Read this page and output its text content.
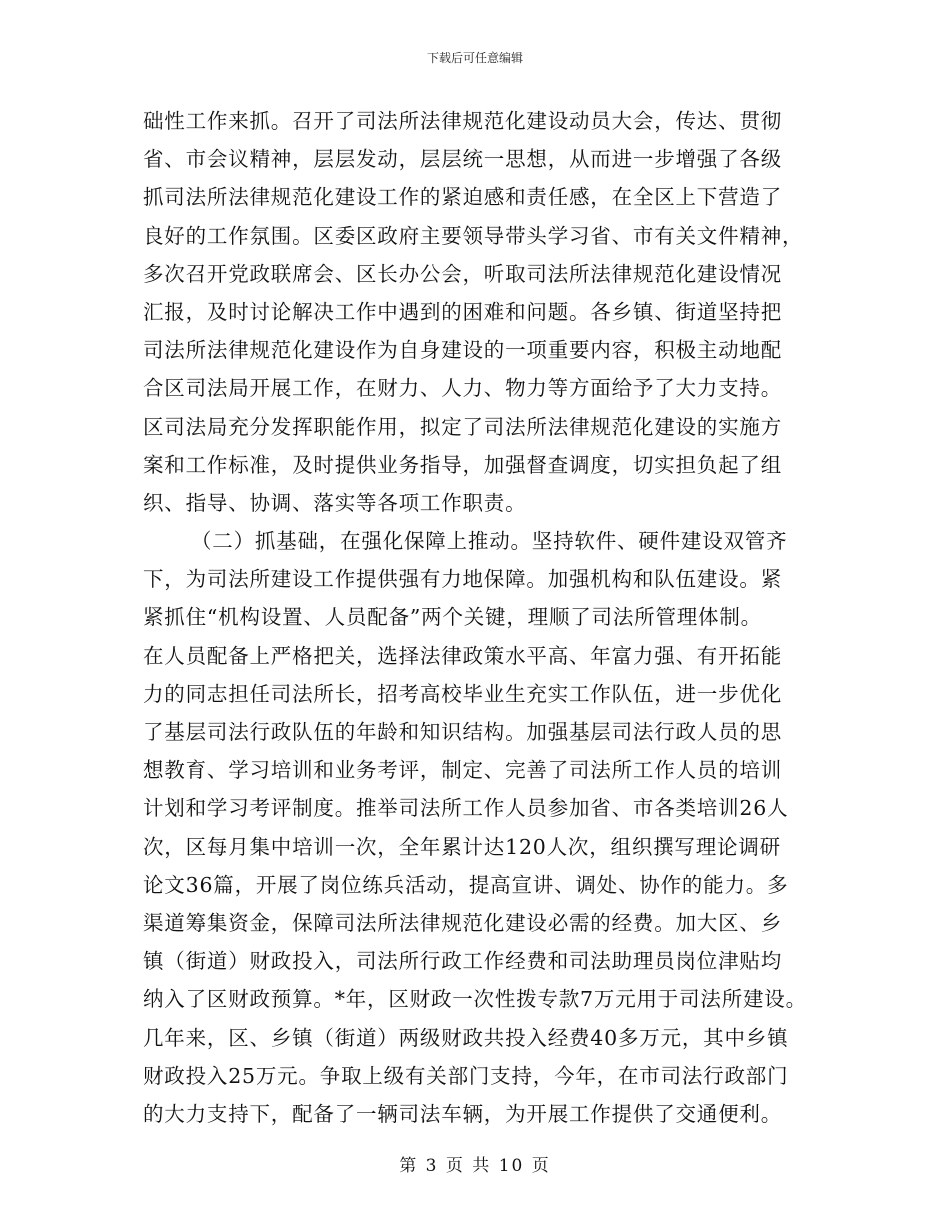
下载后可任意编辑
础性工作来抓。召开了司法所法律规范化建设动员大会，传达、贯彻
省、市会议精神，层层发动，层层统一思想，从而进一步增强了各级
抓司法所法律规范化建设工作的紧迫感和责任感，在全区上下营造了
良好的工作氛围。区委区政府主要领导带头学习省、市有关文件精神，
多次召开党政联席会、区长办公会，听取司法所法律规范化建设情况
汇报，及时讨论解决工作中遇到的困难和问题。各乡镇、街道坚持把
司法所法律规范化建设作为自身建设的一项重要内容，积极主动地配
合区司法局开展工作，在财力、人力、物力等方面给予了大力支持。
区司法局充分发挥职能作用，拟定了司法所法律规范化建设的实施方
案和工作标准，及时提供业务指导，加强督查调度，切实担负起了组
织、指导、协调、落实等各项工作职责。
（二）抓基础，在强化保障上推动。坚持软件、硬件建设双管齐
下，为司法所建设工作提供强有力地保障。加强机构和队伍建设。紧
紧抓住“机构设置、人员配备”两个关键，理顺了司法所管理体制。
在人员配备上严格把关，选择法律政策水平高、年富力强、有开拓能
力的同志担任司法所长，招考高校毕业生充实工作队伍，进一步优化
了基层司法行政队伍的年龄和知识结构。加强基层司法行政人员的思
想教育、学习培训和业务考评，制定、完善了司法所工作人员的培训
计划和学习考评制度。推举司法所工作人员参加省、市各类培训26人
次，区每月集中培训一次，全年累计达120人次，组织撰写理论调研
论文36篇，开展了岗位练兵活动，提高宣讲、调处、协作的能力。多
渠道筹集资金，保障司法所法律规范化建设必需的经费。加大区、乡
镇（街道）财政投入，司法所行政工作经费和司法助理员岗位津贴均
纳入了区财政预算。*年，区财政一次性拨专款7万元用于司法所建设。
几年来，区、乡镇（街道）两级财政共投入经费40多万元，其中乡镇
财政投入25万元。争取上级有关部门支持，今年，在市司法行政部门
的大力支持下，配备了一辆司法车辆，为开展工作提供了交通便利。
第 3 页 共 10 页
